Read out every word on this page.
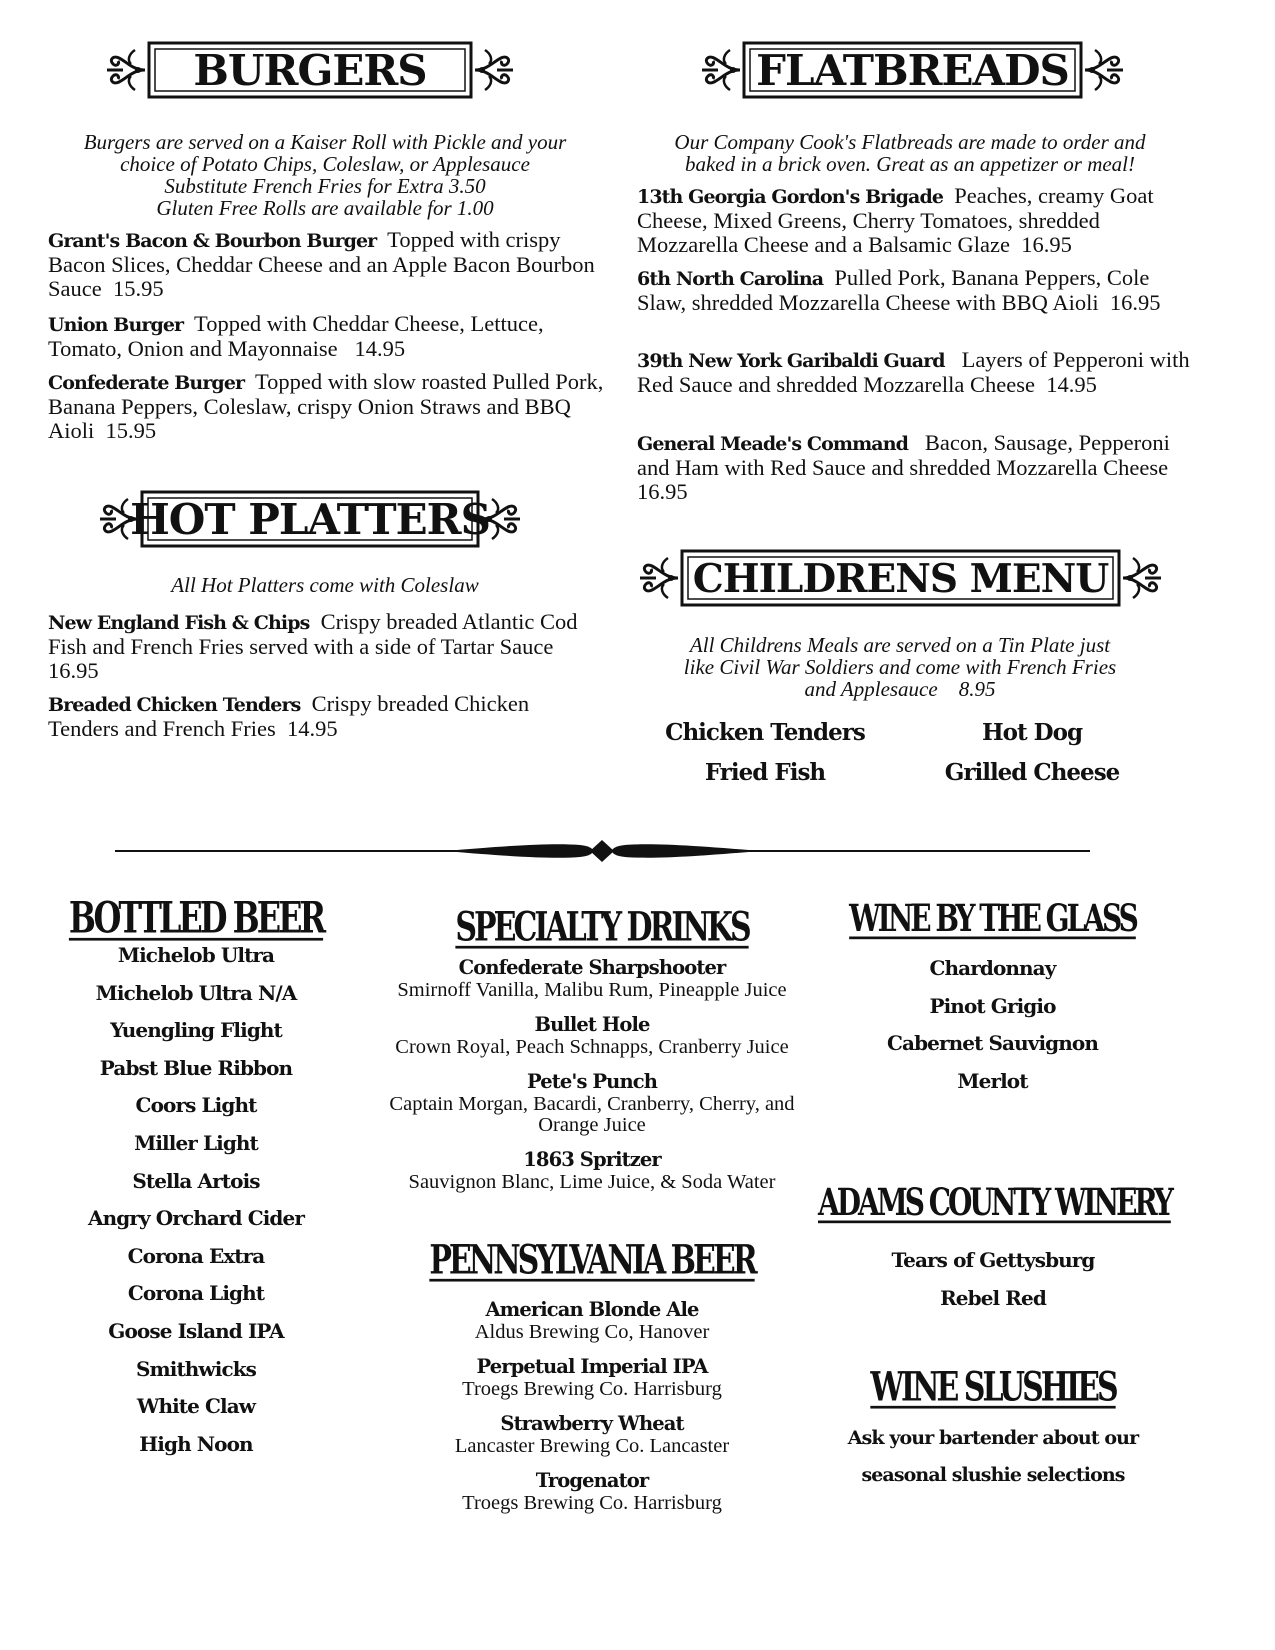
BURGERS
Burgers are served on a Kaiser Roll with Pickle and your
choice of Potato Chips, Coleslaw, or Applesauce
Substitute French Fries for Extra 3.50
Gluten Free Rolls are available for 1.00

Grant's Bacon & Bourbon Burger Topped with crispy Bacon Slices, Cheddar Cheese and an Apple Bacon Bourbon Sauce 15.95

Union Burger Topped with Cheddar Cheese, Lettuce, Tomato, Onion and Mayonnaise 14.95

Confederate Burger Topped with slow roasted Pulled Pork, Banana Peppers, Coleslaw, crispy Onion Straws and BBQ Aioli 15.95

HOT PLATTERS
All Hot Platters come with Coleslaw

New England Fish & Chips Crispy breaded Atlantic Cod Fish and French Fries served with a side of Tartar Sauce  16.95

Breaded Chicken Tenders Crispy breaded Chicken Tenders and French Fries 14.95

FLATBREADS
Our Company Cook's Flatbreads are made to order and
baked in a brick oven. Great as an appetizer or meal!

13th Georgia Gordon's Brigade Peaches, creamy Goat Cheese, Mixed Greens, Cherry Tomatoes, shredded Mozzarella Cheese and a Balsamic Glaze 16.95

6th North Carolina Pulled Pork, Banana Peppers, Cole Slaw, shredded Mozzarella Cheese with BBQ Aioli 16.95

39th New York Garibaldi Guard Layers of Pepperoni with Red Sauce and shredded Mozzarella Cheese 14.95

General Meade's Command Bacon, Sausage, Pepperoni and Ham with Red Sauce and shredded Mozzarella Cheese  16.95

CHILDRENS MENU
All Childrens Meals are served on a Tin Plate just
like Civil War Soldiers and come with French Fries
and Applesauce 8.95
Chicken Tenders	Hot Dog
Fried Fish	Grilled Cheese
BOTTLED BEER
Michelob Ultra
Michelob Ultra N/A
Yuengling Flight
Pabst Blue Ribbon
Coors Light
Miller Light
Stella Artois
Angry Orchard Cider
Corona Extra
Corona Light
Goose Island IPA
Smithwicks
White Claw
High Noon
SPECIALTY DRINKS
Confederate Sharpshooter
Smirnoff Vanilla, Malibu Rum, Pineapple Juice
Bullet Hole
Crown Royal, Peach Schnapps, Cranberry Juice
Pete's Punch
Captain Morgan, Bacardi, Cranberry, Cherry, and
Orange Juice
1863 Spritzer
Sauvignon Blanc, Lime Juice, & Soda Water
PENNSYLVANIA BEER
American Blonde Ale
Aldus Brewing Co, Hanover
Perpetual Imperial IPA
Troegs Brewing Co. Harrisburg
Strawberry Wheat
Lancaster Brewing Co. Lancaster
Trogenator
Troegs Brewing Co. Harrisburg
WINE BY THE GLASS
Chardonnay
Pinot Grigio
Cabernet Sauvignon
Merlot
ADAMS COUNTY WINERY
Tears of Gettysburg
Rebel Red
WINE SLUSHIES
Ask your bartender about our
seasonal slushie selections
